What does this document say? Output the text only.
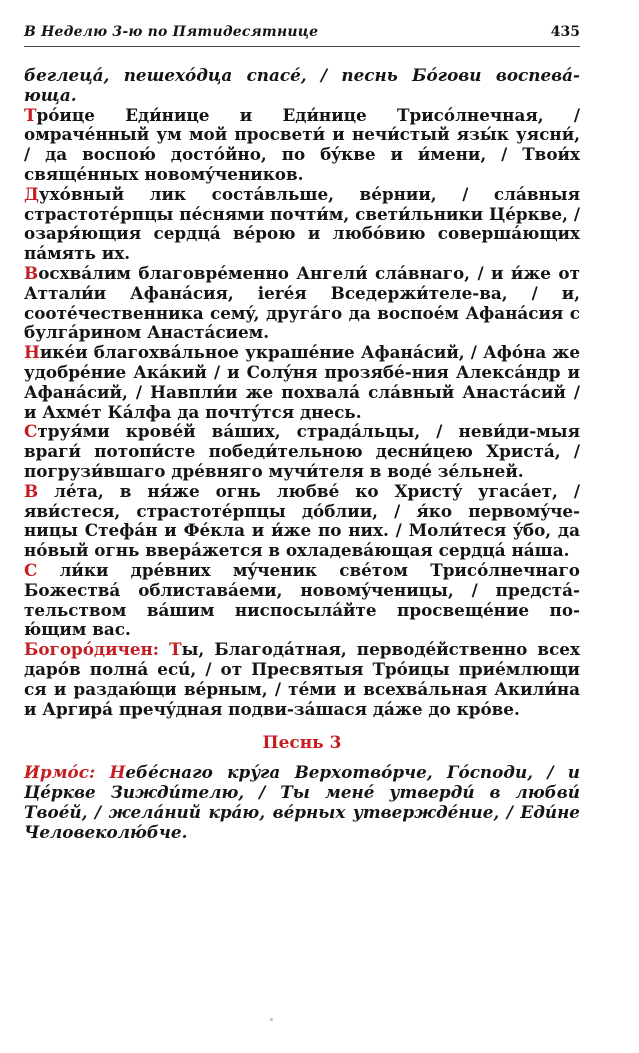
В Неделю 3-ю по Пятидесятнице	435

беглецá, пешехóдца спасé, / песнь Бóгови воспевá-юща.

Трóице Еди́нице и Еди́нице Трисóлнечная, / омрачéнный ум мой просвети́ и нечи́стый язы́к уясни́, / да воспою́ достóйно, по бýкве и и́мени, / Твои́х свящéнных новомýчеников.

Духóвный лик состáвльше, вéрнии, / слáвныя страстотéрпцы пéснями почти́м, свети́льники Цéркве, / озаря́ющия сердцá вéрою и любóвию совершáющих пáмять их.

Восхвáлим благоврéменно Ангели́ слáвнаго, / и и́же от Аттали́и Афанáсия, ieréя Вседержи́теле-ва, / и, соотéчественника семý, другáго да воспоéм Афанáсия с булгáрином Анастáсием.

Никéи благохвáльное украшéние Афанáсий, / Афóна же удобрéние Акáкий / и Солýня прозябé-ния Алексáндр и Афанáсий, / Навпли́и же похвалá слáвный Анастáсий / и Ахмéт Кáлфа да почтýтся днесь.

Струя́ми кровéй вáших, страдáльцы, / неви́ди-мыя враги́ потопи́сте победи́тельною десни́цею Христá, / погрузи́вшаго дрéвняго мучи́теля в водé зéльней.

В лéта, в ня́же огнь любвé ко Христý угасáет, / яви́стеся, страстотéрпцы дóблии, / я́ко первомýче-ницы Стефáн и Фéкла и и́же по них. / Моли́теся ýбо, да нóвый огнь вверáжется в охладевáющая сердцá нáша.

С ли́ки дрéвних мýченик свéтом Трисóлнечнаго Божествá облиставáеми, новомýченицы, / предстá-тельством вáшим ниспосылáйте просвещéние по-ю́щим вас.

Богорóдичен: Ты, Благодáтная, перводéйственно всех дарóв полнá есú, / от Пресвятыя Трóицы приéмлющи ся и раздаю́щи вéрным, / тéми и всехвáльная Акили́на и Аргирá пречýдная подви-зáшася дáже до крóве.

Песнь 3

Ирмóс: Небéснаго крýга Верхотвóрче, Гóсподи, / и Цéркве Зижди́телю, / Ты менé утверди́ в любви́ Твоéй, / желáний крáю, вéрных утверждéние, / Еди́не Человеколю́бче.
